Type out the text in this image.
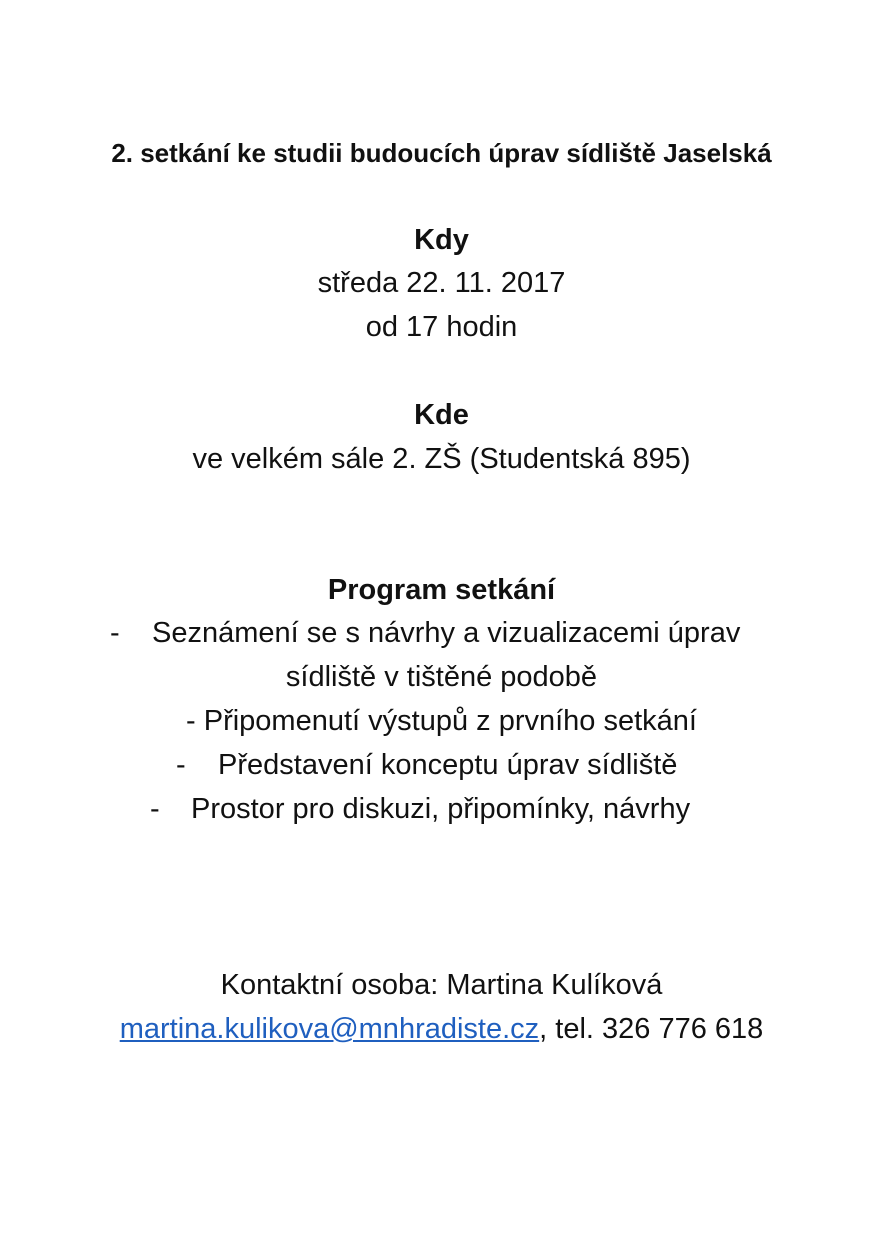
2. setkání ke studii budoucích úprav sídliště Jaselská
Kdy
středa 22. 11. 2017
od 17 hodin
Kde
ve velkém sále 2. ZŠ (Studentská 895)
Program setkání
- Seznámení se s návrhy a vizualizacemi úprav
sídliště v tištěné podobě
- Připomenutí výstupů z prvního setkání
- Představení konceptu úprav sídliště
- Prostor pro diskuzi, připomínky, návrhy
Kontaktní osoba: Martina Kulíková
martina.kulikova@mnhradiste.cz, tel. 326 776 618
